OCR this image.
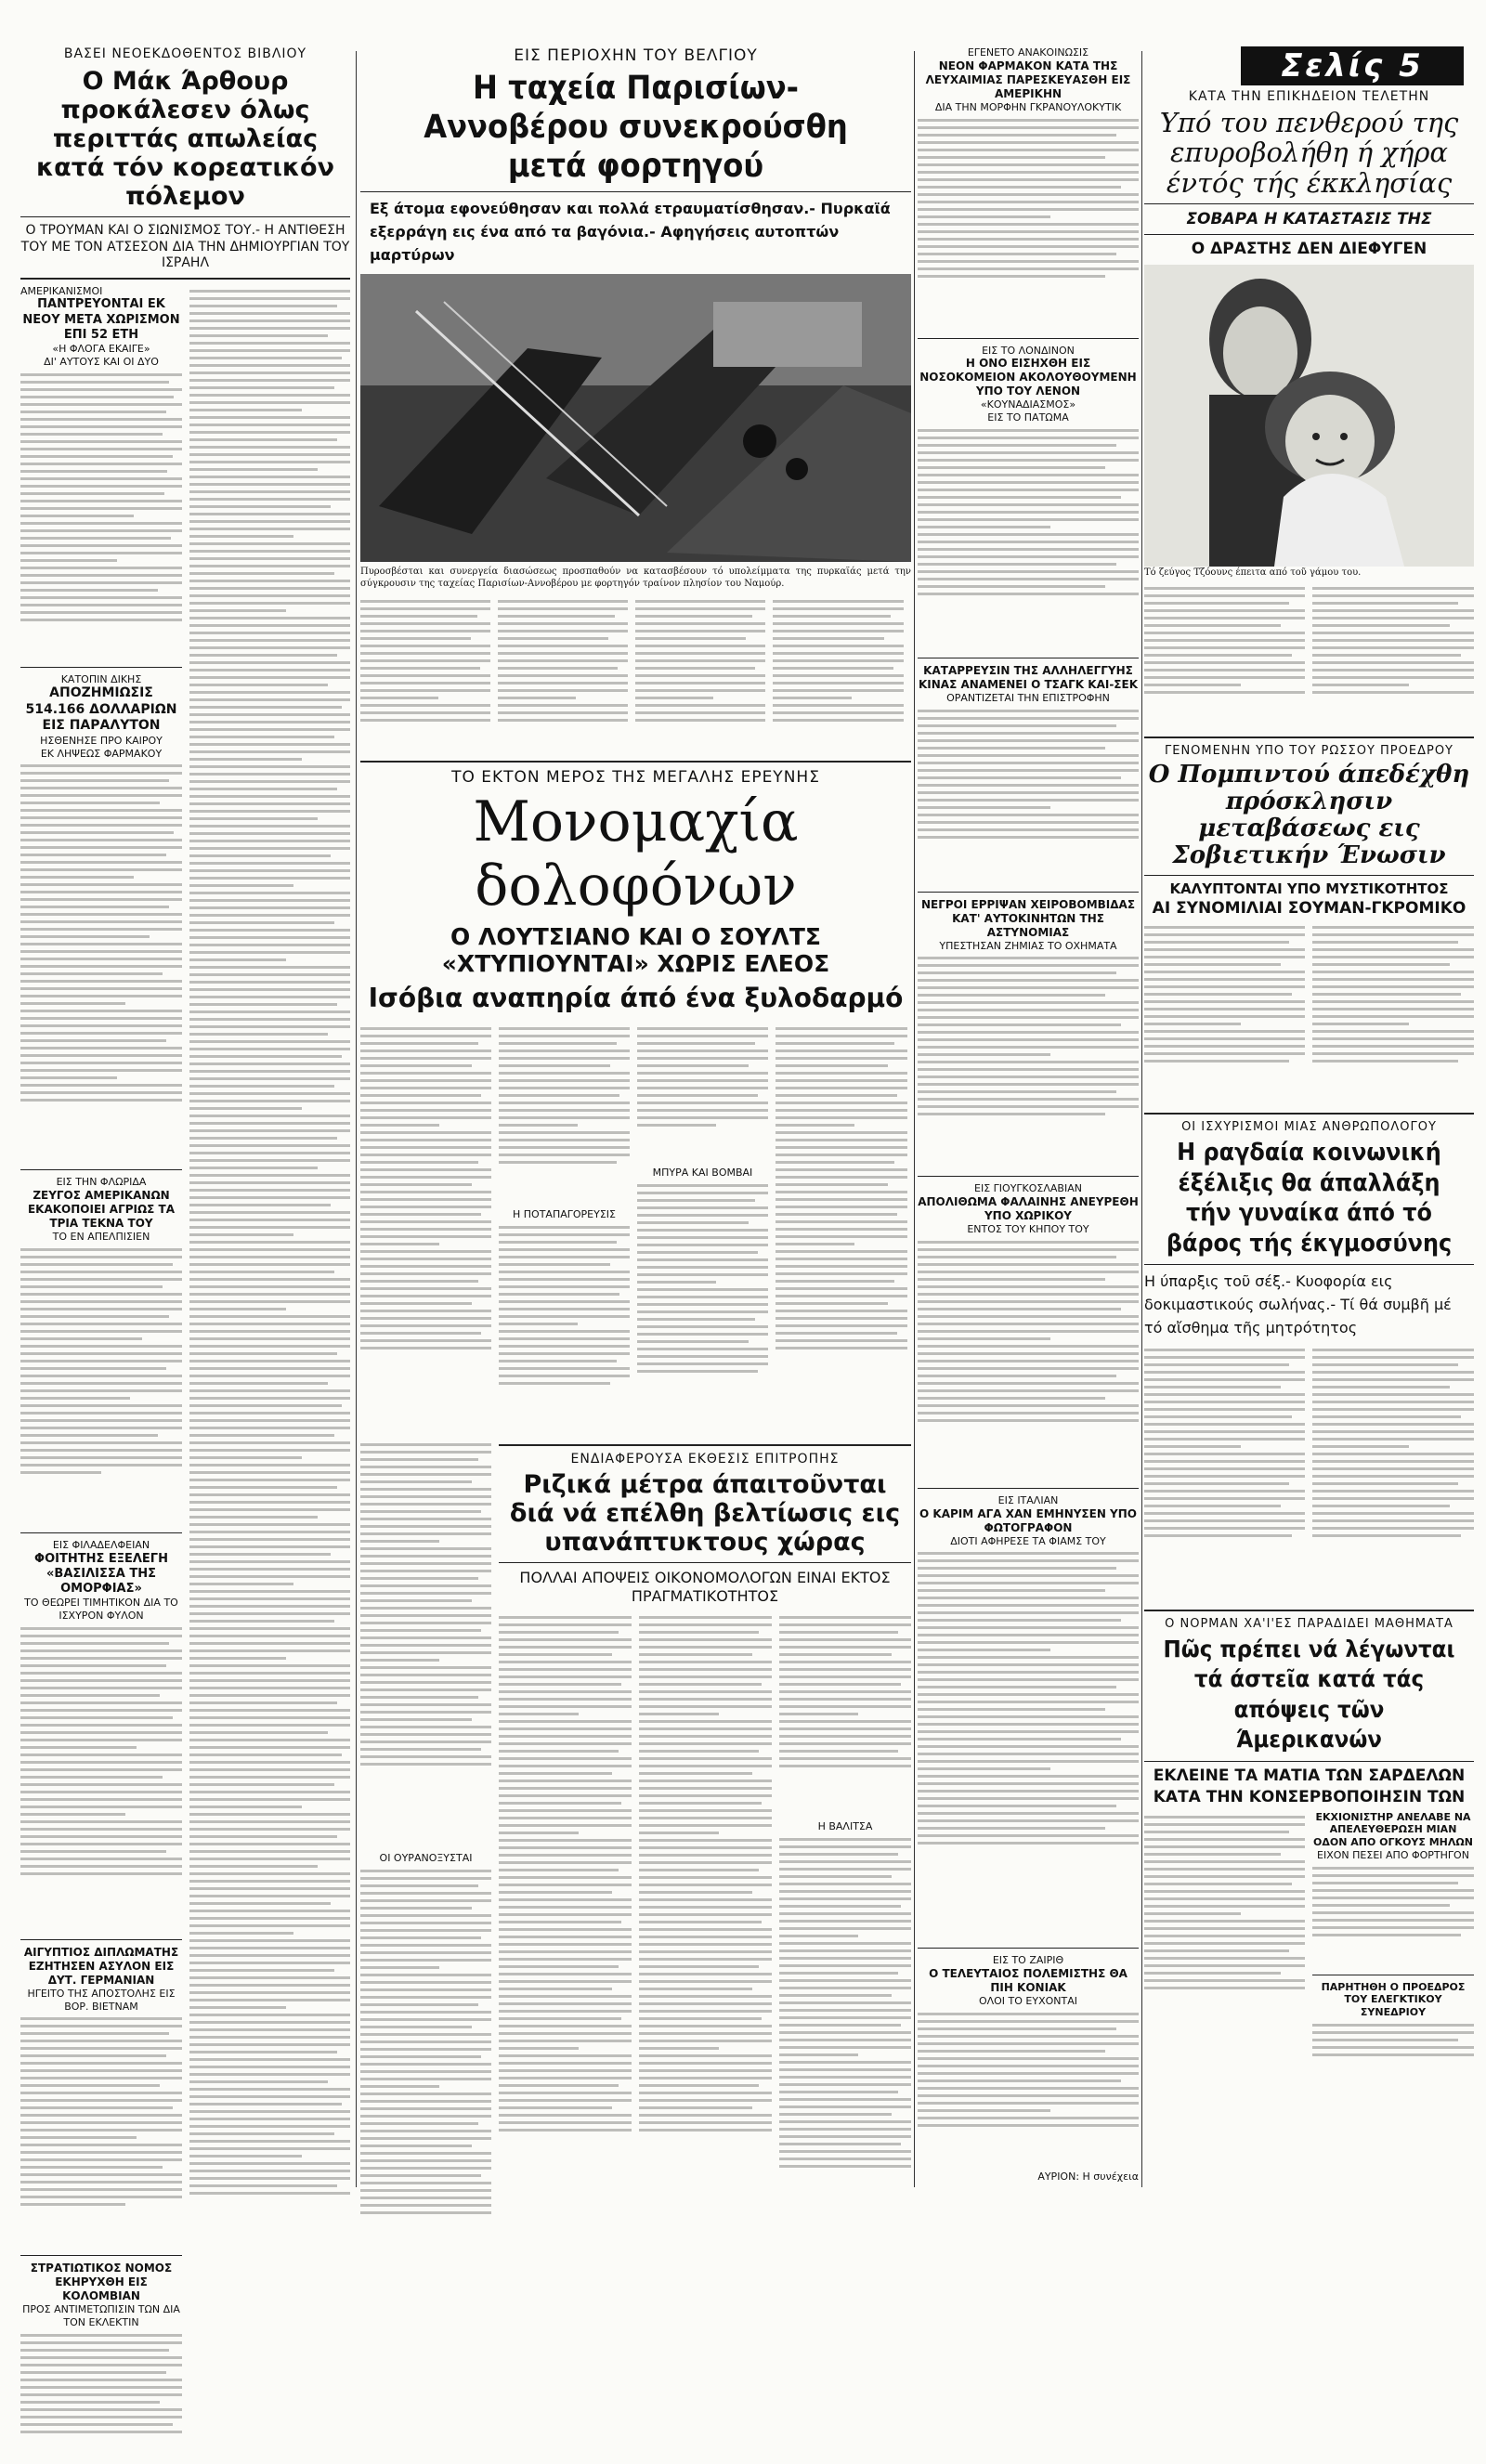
Σελίς 5
ΒΑΣΕΙ ΝΕΟΕΚΔΟΘΕΝΤΟΣ ΒΙΒΛΙΟΥ
Ο Μάκ Άρθουρ προκάλεσεν όλως περιττάς απωλείας κατά τόν κορεατικόν πόλεμον
Ο ΤΡΟΥΜΑΝ ΚΑΙ Ο ΣΙΩΝΙΣΜΟΣ ΤΟΥ.- Η ΑΝΤΙΘΕΣΗ ΤΟΥ ΜΕ ΤΟΝ ΑΤΣΕΣΟΝ ΔΙΑ ΤΗΝ ΔΗΜΙΟΥΡΓΙΑΝ ΤΟΥ ΙΣΡΑΗΛ
ΑΜΕΡΙΚΑΝΙΣΜΟΙ
ΠΑΝΤΡΕΥΟΝΤΑΙ ΕΚ ΝΕΟΥ ΜΕΤΑ ΧΩΡΙΣΜΟΝ ΕΠΙ 52 ΕΤΗ
«Η ΦΛΟΓΑ ΕΚΑΙΓΕ»
ΔΙ' ΑΥΤΟΥΣ ΚΑΙ ΟΙ ΔΥΟ
ΚΑΤΟΠΙΝ ΔΙΚΗΣ
ΑΠΟΖΗΜΙΩΣΙΣ 514.166 ΔΟΛΛΑΡΙΩΝ ΕΙΣ ΠΑΡΑΛΥΤΟΝ
ΗΣΘΕΝΗΣΕ ΠΡΟ ΚΑΙΡΟΥ
ΕΚ ΛΗΨΕΩΣ ΦΑΡΜΑΚΟΥ
ΕΙΣ ΤΗΝ ΦΛΩΡΙΔΑ
ΖΕΥΓΟΣ ΑΜΕΡΙΚΑΝΩΝ ΕΚΑΚΟΠΟΙΕΙ ΑΓΡΙΩΣ ΤΑ ΤΡΙΑ ΤΕΚΝΑ ΤΟΥ
ΤΟ ΕΝ ΑΠΕΛΠΙΣΙΕΝ
ΕΙΣ ΦΙΛΑΔΕΛΦΕΙΑΝ
ΦΟΙΤΗΤΗΣ ΕΞΕΛΕΓΗ «ΒΑΣΙΛΙΣΣΑ ΤΗΣ ΟΜΟΡΦΙΑΣ»
ΤΟ ΘΕΩΡΕΙ ΤΙΜΗΤΙΚΟΝ ΔΙΑ ΤΟ ΙΣΧΥΡΟΝ ΦΥΛΟΝ
ΑΙΓΥΠΤΙΟΣ ΔΙΠΛΩΜΑΤΗΣ ΕΖΗΤΗΣΕΝ ΑΣΥΛΟΝ ΕΙΣ ΔΥΤ. ΓΕΡΜΑΝΙΑΝ
ΗΓΕΙΤΟ ΤΗΣ ΑΠΟΣΤΟΛΗΣ ΕΙΣ ΒΟΡ. ΒΙΕΤΝΑΜ
ΣΤΡΑΤΙΩΤΙΚΟΣ ΝΟΜΟΣ ΕΚΗΡΥΧΘΗ ΕΙΣ ΚΟΛΟΜΒΙΑΝ
ΠΡΟΣ ΑΝΤΙΜΕΤΩΠΙΣΙΝ ΤΩΝ ΔΙΑ ΤΟΝ ΕΚΛΕΚΤΙΝ
ΕΙΣ ΠΕΡΙΟΧΗΝ ΤΟΥ ΒΕΛΓΙΟΥ
Η ταχεία Παρισίων-Αννοβέρου συνεκρούσθη μετά φορτηγού
Εξ άτομα εφονεύθησαν και πολλά ετραυματίσθησαν.- Πυρκαϊά εξερράγη εις ένα από τα βαγόνια.- Αφηγήσεις αυτοπτών μαρτύρων
Πυροσβέσται και συνεργεία διασώσεως προσπαθούν να κατασβέσουν τό υπολείμματα της πυρκαϊάς μετά την σύγκρουσιν της ταχείας Παρισίων-Αννοβέρου με φορτηγόν τραίνον πλησίον του Ναμούρ.
ΤΟ ΕΚΤΟΝ ΜΕΡΟΣ ΤΗΣ ΜΕΓΑΛΗΣ ΕΡΕΥΝΗΣ
Μονομαχία δολοφόνων
Ο ΛΟΥΤΣΙΑΝΟ ΚΑΙ Ο ΣΟΥΛΤΣ «ΧΤΥΠΙΟΥΝΤΑΙ» ΧΩΡΙΣ ΕΛΕΟΣ
Ισόβια αναπηρία άπό ένα ξυλοδαρμό
Η ΠΟΤΑΠΑΓΟΡΕΥΣΙΣ
ΜΠΥΡΑ ΚΑΙ ΒΟΜΒΑΙ
ΟΙ ΟΥΡΑΝΟΞΥΣΤΑΙ
ΕΝΔΙΑΦΕΡΟΥΣΑ ΕΚΘΕΣΙΣ ΕΠΙΤΡΟΠΗΣ
Ριζικά μέτρα άπαιτοῦνται διά νά επέλθη βελτίωσις εις υπανάπτυκτους χώρας
ΠΟΛΛΑΙ ΑΠΟΨΕΙΣ ΟΙΚΟΝΟΜΟΛΟΓΩΝ ΕΙΝΑΙ ΕΚΤΟΣ ΠΡΑΓΜΑΤΙΚΟΤΗΤΟΣ
Η ΒΑΛΙΤΣΑ
ΕΓΕΝΕΤΟ ΑΝΑΚΟΙΝΩΣΙΣ
ΝΕΟΝ ΦΑΡΜΑΚΟΝ ΚΑΤΑ ΤΗΣ ΛΕΥΧΑΙΜΙΑΣ ΠΑΡΕΣΚΕΥΑΣΘΗ ΕΙΣ ΑΜΕΡΙΚΗΝ
ΔΙΑ ΤΗΝ ΜΟΡΦΗΝ ΓΚΡΑΝΟΥΛΟΚΥΤΙΚ
ΕΙΣ ΤΟ ΛΟΝΔΙΝΟΝ
Η ΟΝΟ ΕΙΣΗΧΘΗ ΕΙΣ ΝΟΣΟΚΟΜΕΙΟΝ ΑΚΟΛΟΥΘΟΥΜΕΝΗ ΥΠΟ ΤΟΥ ΛΕΝΟΝ
«ΚΟΥΝΑΔΙΑΣΜΟΣ»
ΕΙΣ ΤΟ ΠΑΤΩΜΑ
ΚΑΤΑΡΡΕΥΣΙΝ ΤΗΣ ΑΛΛΗΛΕΓΓΥΗΣ ΚΙΝΑΣ ΑΝΑΜΕΝΕΙ Ο ΤΣΑΓΚ ΚΑΙ-ΣΕΚ
ΟΡΑΝΤΙΖΕΤΑΙ ΤΗΝ ΕΠΙΣΤΡΟΦΗΝ
ΝΕΓΡΟΙ ΕΡΡΙΨΑΝ ΧΕΙΡΟΒΟΜΒΙΔΑΣ ΚΑΤ' ΑΥΤΟΚΙΝΗΤΩΝ ΤΗΣ ΑΣΤΥΝΟΜΙΑΣ
ΥΠΕΣΤΗΣΑΝ ΖΗΜΙΑΣ ΤΟ ΟΧΗΜΑΤΑ
ΕΙΣ ΓΙΟΥΓΚΟΣΛΑΒΙΑΝ
ΑΠΟΛΙΘΩΜΑ ΦΑΛΑΙΝΗΣ ΑΝΕΥΡΕΘΗ ΥΠΟ ΧΩΡΙΚΟΥ
ΕΝΤΟΣ ΤΟΥ ΚΗΠΟΥ ΤΟΥ
ΕΙΣ ΙΤΑΛΙΑΝ
Ο ΚΑΡΙΜ ΑΓΑ ΧΑΝ ΕΜΗΝΥΣΕΝ ΥΠΟ ΦΩΤΟΓΡΑΦΟΝ
ΔΙΟΤΙ ΑΦΗΡΕΣΕ ΤΑ ΦΙΑΜΣ ΤΟΥ
ΕΙΣ ΤΟ ΖΑΙΡΙΘ
Ο ΤΕΛΕΥΤΑΙΟΣ ΠΟΛΕΜΙΣΤΗΣ ΘΑ ΠΙΗ ΚΟΝΙΑΚ
ΟΛΟΙ ΤΟ ΕΥΧΟΝΤΑΙ
ΑΥΡΙΟΝ: Η συνέχεια
ΚΑΤΑ ΤΗΝ ΕΠΙΚΗΔΕΙΟΝ ΤΕΛΕΤΗΝ
Υπό του πενθερού της επυροβολήθη ή χήρα έντός τής έκκλησίας
ΣΟΒΑΡΑ Η ΚΑΤΑΣΤΑΣΙΣ ΤΗΣ
Ο ΔΡΑΣΤΗΣ ΔΕΝ ΔΙΕΦΥΓΕΝ
Τό ζεύγος Τζόουνς έπειτα από τοῦ γάμου του.
ΓΕΝΟΜΕΝΗΝ ΥΠΟ ΤΟΥ ΡΩΣΣΟΥ ΠΡΟΕΔΡΟΥ
Ο Πομπιντού άπεδέχθη πρόσκλησιν μεταβάσεως εις Σοβιετικήν Ένωσιν
ΚΑΛΥΠΤΟΝΤΑΙ ΥΠΟ ΜΥΣΤΙΚΟΤΗΤΟΣ
ΑΙ ΣΥΝΟΜΙΛΙΑΙ ΣΟΥΜΑΝ-ΓΚΡΟΜΙΚΟ
ΟΙ ΙΣΧΥΡΙΣΜΟΙ ΜΙΑΣ ΑΝΘΡΩΠΟΛΟΓΟΥ
Η ραγδαία κοινωνική έξέλιξις θα άπαλλάξη τήν γυναίκα άπό τό βάρος τής έκγμοσύνης
Η ύπαρξις τοῦ σέξ.- Κυοφορία εις δοκιμαστικούς σωλήνας.- Τί θά συμβῆ μέ τό αἴσθημα τῆς μητρότητος
Ο ΝΟΡΜΑΝ ΧΑ'Ι'ΕΣ ΠΑΡΑΔΙΔΕΙ ΜΑΘΗΜΑΤΑ
Πῶς πρέπει νά λέγωνται τά άστεῖα κατά τάς απόψεις τῶν Άμερικανών
ΕΚΛΕΙΝΕ ΤΑ ΜΑΤΙΑ ΤΩΝ ΣΑΡΔΕΛΩΝ
ΚΑΤΑ ΤΗΝ ΚΟΝΣΕΡΒΟΠΟΙΗΣΙΝ ΤΩΝ
ΕΚΧΙΟΝΙΣΤΗΡ ΑΝΕΛΑΒΕ ΝΑ ΑΠΕΛΕΥΘΕΡΩΣΗ ΜΙΑΝ ΟΔΟΝ ΑΠΟ ΟΓΚΟΥΣ ΜΗΛΩΝ
ΕΙΧΟΝ ΠΕΣΕΙ ΑΠΟ ΦΟΡΤΗΓΟΝ
ΠΑΡΗΤΗΘΗ Ο ΠΡΟΕΔΡΟΣ ΤΟΥ ΕΛΕΓΚΤΙΚΟΥ ΣΥΝΕΔΡΙΟΥ
